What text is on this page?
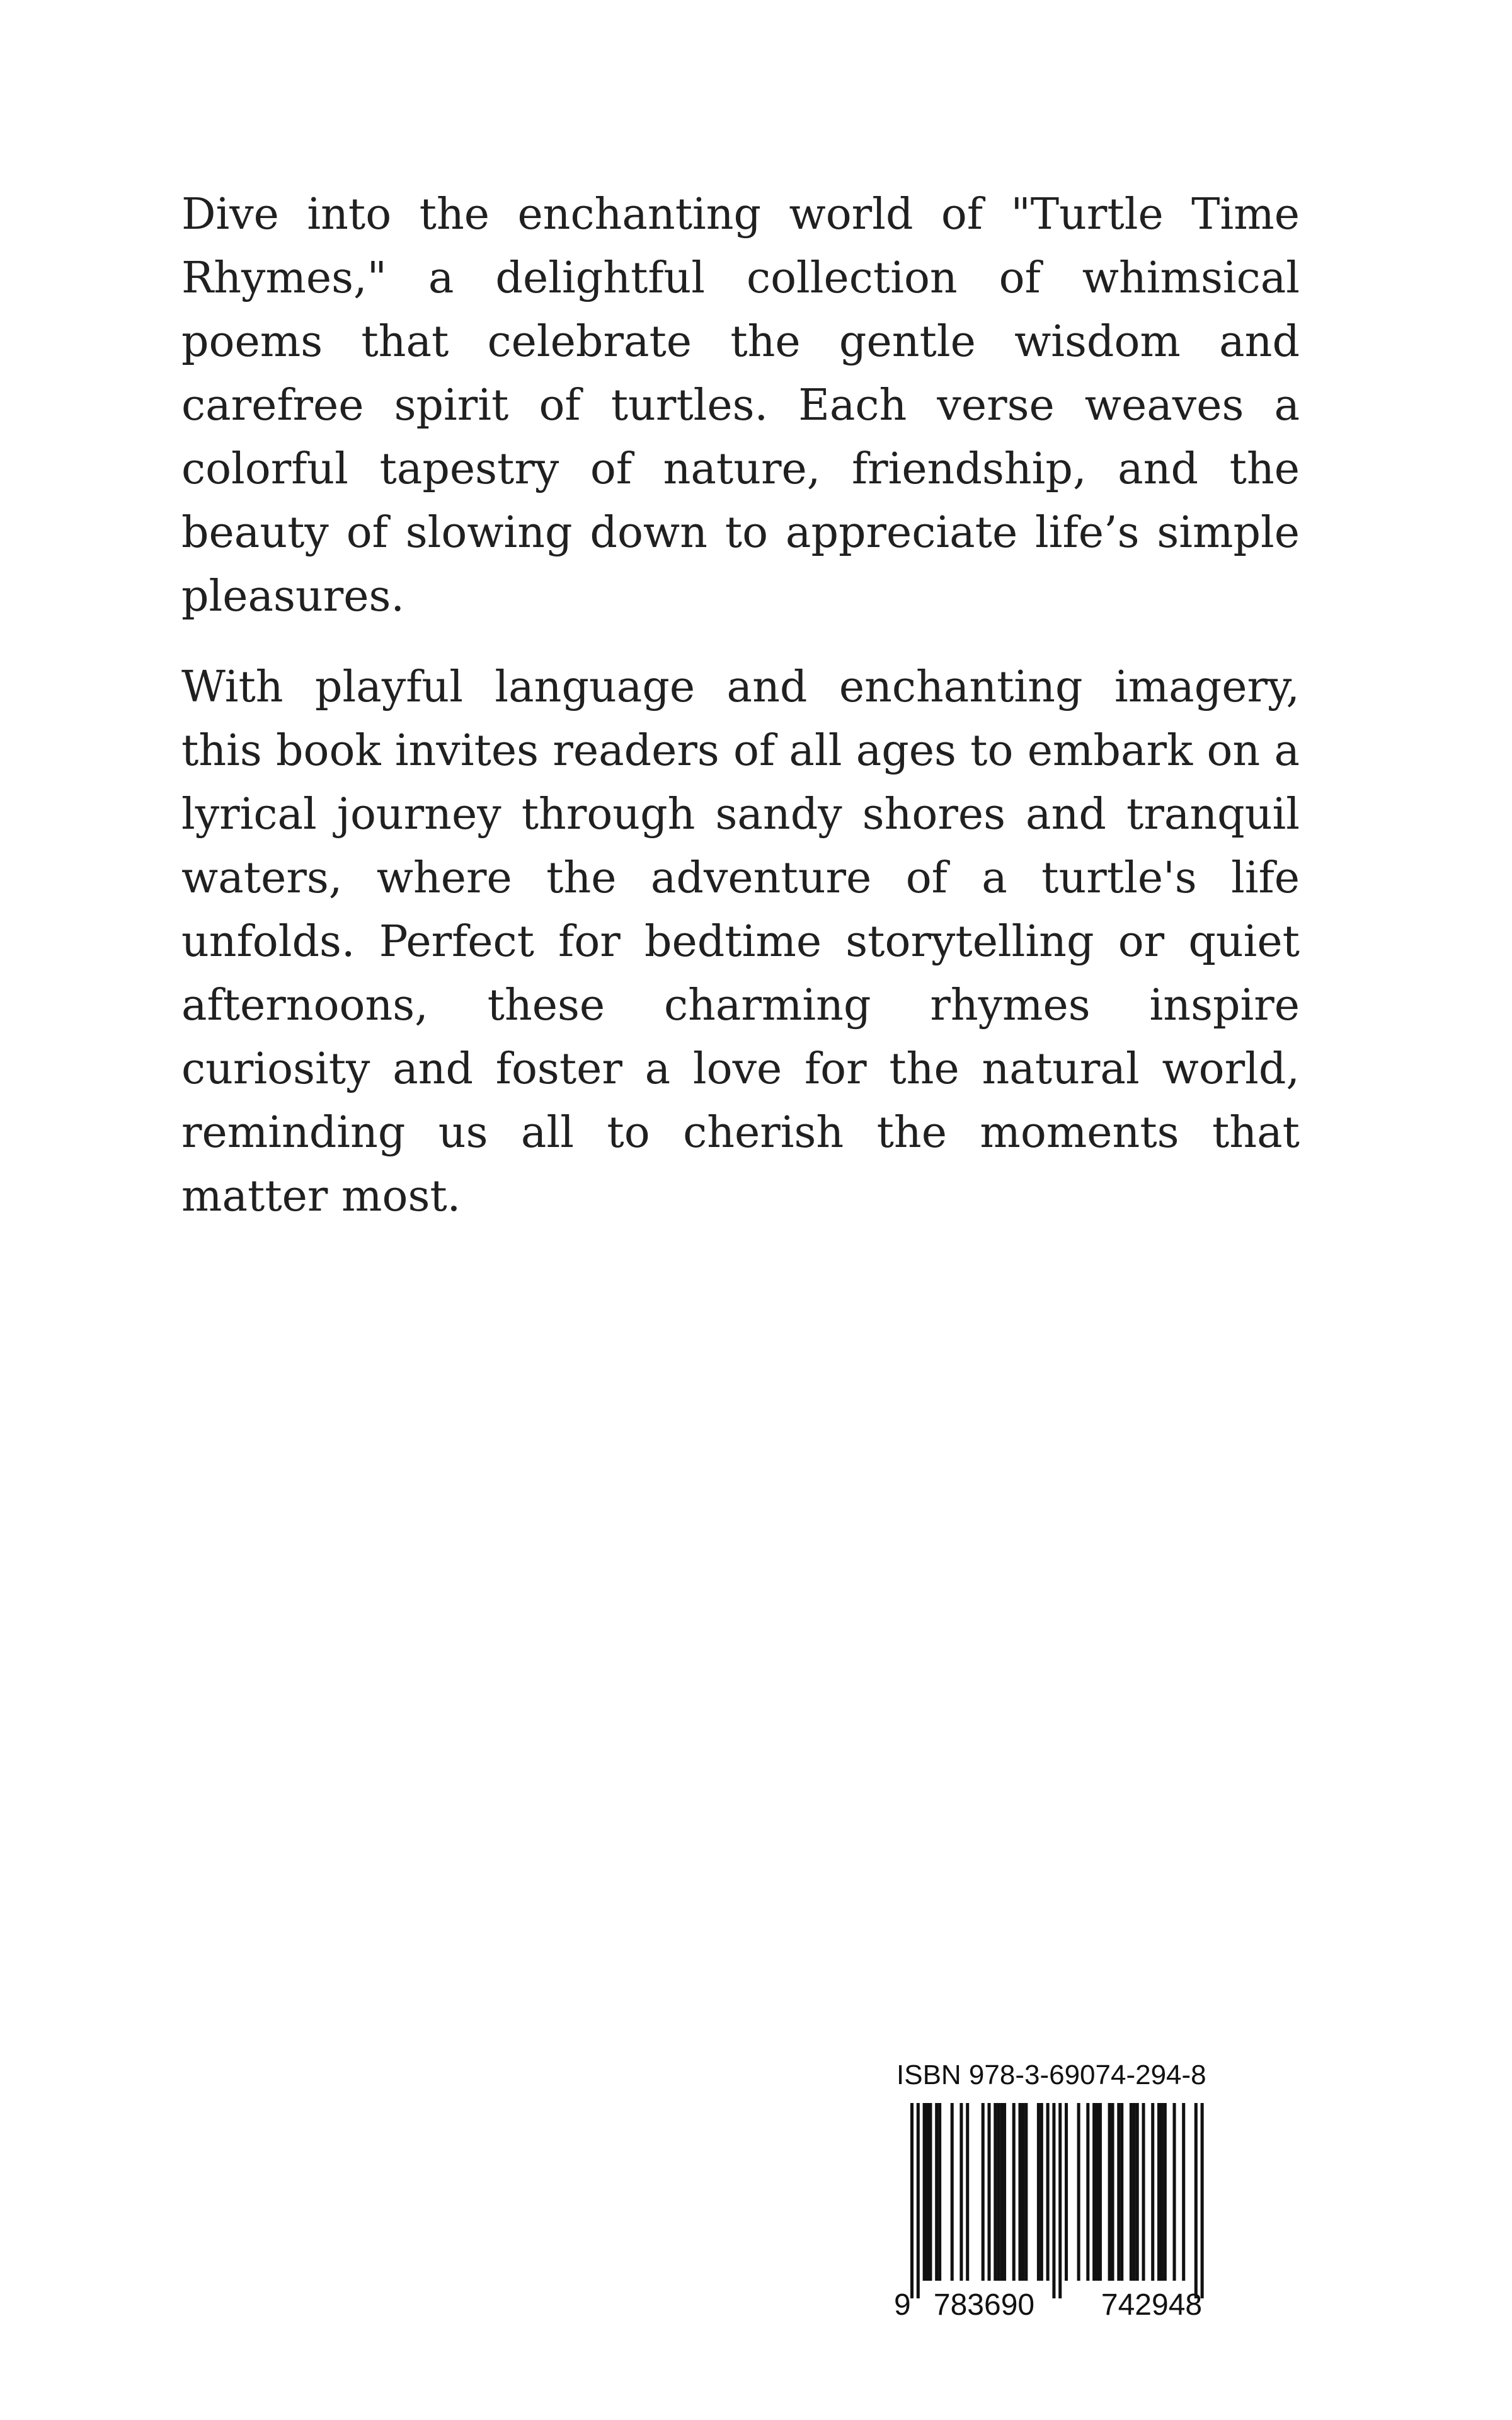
Dive into the enchanting world of "Turtle Time Rhymes," a delightful collection of whimsical poems that celebrate the gentle wisdom and carefree spirit of turtles. Each verse weaves a colorful tapestry of nature, friendship, and the beauty of slowing down to appreciate life’s simple pleasures.

With playful language and enchanting imagery, this book invites readers of all ages to embark on a lyrical journey through sandy shores and tranquil waters, where the adventure of a turtle's life unfolds. Perfect for bedtime storytelling or quiet afternoons, these charming rhymes inspire curiosity and foster a love for the natural world, reminding us all to cherish the moments that matter most.

ISBN 978-3-69074-294-8
9 783690 742948
